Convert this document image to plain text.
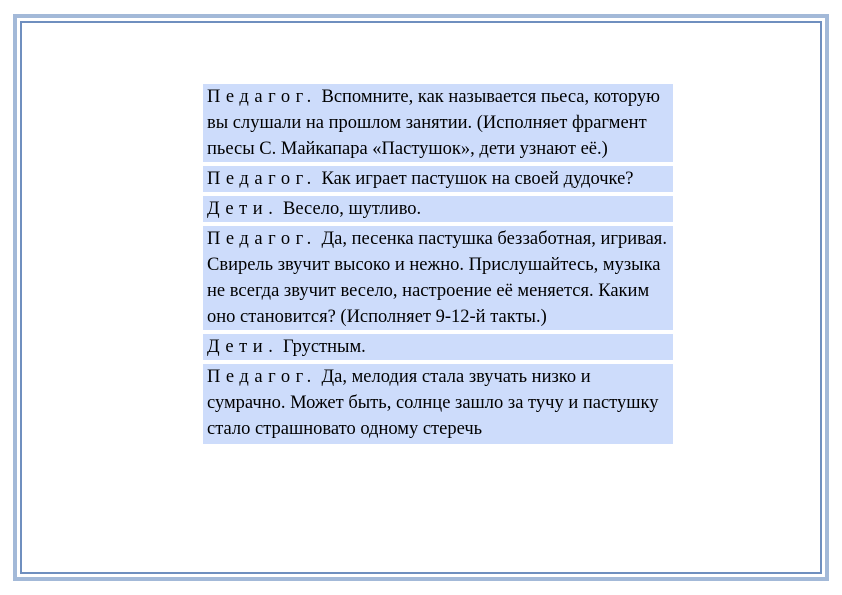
Педагог. Вспомните, как называется пьеса, которую вы слушали на прошлом занятии. (Исполняет фрагмент пьесы С. Майкапара «Пастушок», дети узнают её.)
Педагог. Как играет пастушок на своей дудочке?
Дети. Весело, шутливо.
Педагог. Да, песенка пастушка беззаботная, игривая. Свирель звучит высоко и нежно. Прислушайтесь, музыка не всегда звучит весело, настроение её меняется. Каким оно становится? (Исполняет 9-12-й такты.)
Дети. Грустным.
Педагог. Да, мелодия стала звучать низко и сумрачно. Может быть, солнце зашло за тучу и пастушку стало страшновато одному стеречь
